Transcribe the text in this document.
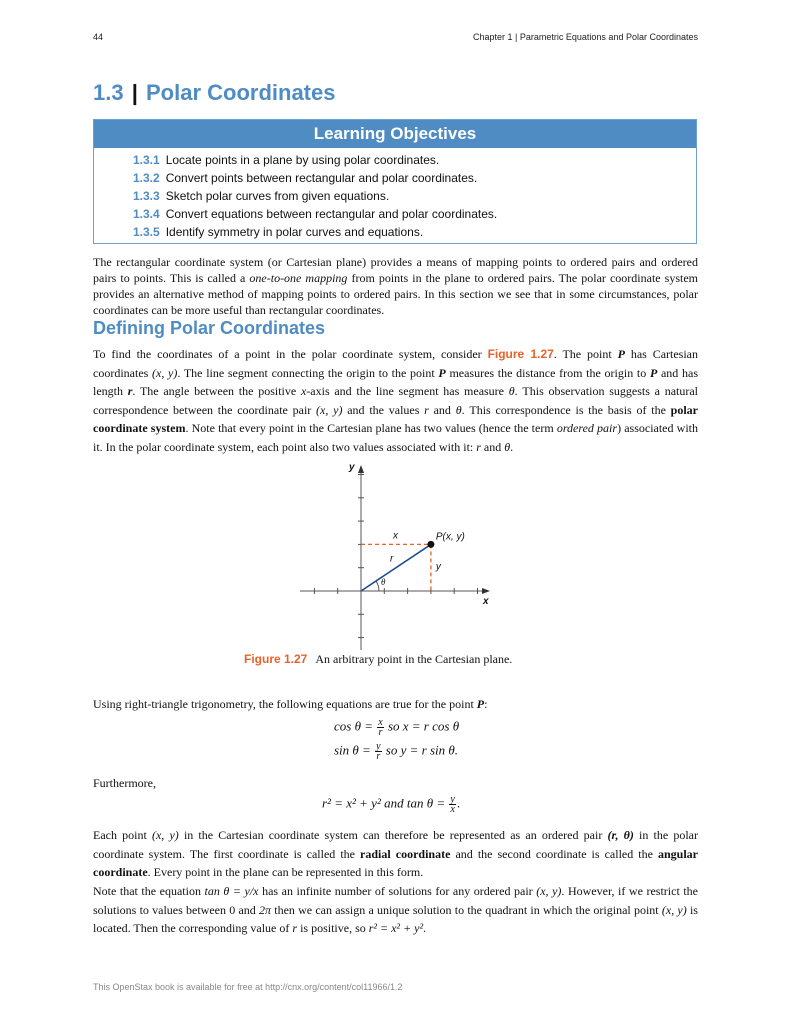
44	Chapter 1 | Parametric Equations and Polar Coordinates
1.3 | Polar Coordinates
Learning Objectives
1.3.1 Locate points in a plane by using polar coordinates.
1.3.2 Convert points between rectangular and polar coordinates.
1.3.3 Sketch polar curves from given equations.
1.3.4 Convert equations between rectangular and polar coordinates.
1.3.5 Identify symmetry in polar curves and equations.

The rectangular coordinate system (or Cartesian plane) provides a means of mapping points to ordered pairs and ordered pairs to points. This is called a one-to-one mapping from points in the plane to ordered pairs. The polar coordinate system provides an alternative method of mapping points to ordered pairs. In this section we see that in some circumstances, polar coordinates can be more useful than rectangular coordinates.

Defining Polar Coordinates

To find the coordinates of a point in the polar coordinate system, consider Figure 1.27. The point P has Cartesian coordinates (x, y). The line segment connecting the origin to the point P measures the distance from the origin to P and has length r. The angle between the positive x-axis and the line segment has measure θ. This observation suggests a natural correspondence between the coordinate pair (x, y) and the values r and θ. This correspondence is the basis of the polar coordinate system. Note that every point in the Cartesian plane has two values (hence the term ordered pair) associated with it. In the polar coordinate system, each point also two values associated with it: r and θ.

x
y
P(x, y)
r
θ
x
y
Figure 1.27 An arbitrary point in the Cartesian plane.

Using right-triangle trigonometry, the following equations are true for the point P:

$\cos \theta = \frac{x}{r}$ so x = r cos θ
$\sin \theta = \frac{y}{r}$ so y = r sin θ.

Furthermore,

r² = x² + y² and $\tan \theta = \frac{y}{x}$ .

Each point (x, y) in the Cartesian coordinate system can therefore be represented as an ordered pair (r, θ) in the polar coordinate system. The first coordinate is called the radial coordinate and the second coordinate is called the angular coordinate. Every point in the plane can be represented in this form.

Note that the equation tan θ = y/x has an infinite number of solutions for any ordered pair (x, y). However, if we restrict the solutions to values between 0 and 2π then we can assign a unique solution to the quadrant in which the original point (x, y) is located. Then the corresponding value of r is positive, so r² = x² + y².

This OpenStax book is available for free at http://cnx.org/content/col11966/1.2
